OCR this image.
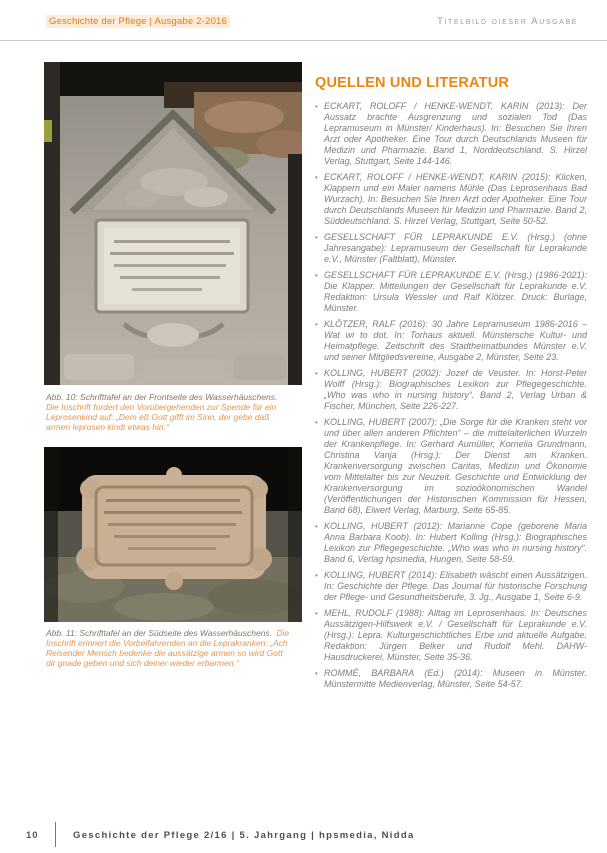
Geschichte der Pflege | Ausgabe 2-2016	Titelbild dieser Ausgabe

Abb. 10: Schrifttafel an der Frontseite des Wasserhäuschens. Die Inschrift fordert den Vorübergehenden zur Spende für ein Leprosenkind auf: „Dem eß Gott gifft im Sinn, der gebe daß armen leprosen kindt etwas hin.“

Abb. 11: Schrifttafel an der Südseite des Wasserhäuschens. Die Inschrift erinnert die Vorbeifahrenden an die Leprakranken: „Ach Reisender Mensch bedenke die aussätzige armen so wird Gott dir gnade geben und sich deiner wieder erbarmen.“

QUELLEN UND LITERATUR

• ECKART, ROLOFF / HENKE-WENDT, KARIN (2013): Der Aussatz brachte Ausgrenzung und sozialen Tod (Das Lepramuseum in Münster/ Kinderhaus). In: Besuchen Sie Ihren Arzt oder Apotheker. Eine Tour durch Deutschlands Museen für Medizin und Pharmazie. Band 1, Norddeutschland. S. Hirzel Verlag, Stuttgart, Seite 144-146.

• ECKART, ROLOFF / HENKE-WENDT, KARIN (2015): Klicken, Klappern und ein Maler namens Mühle (Das Leprosenhaus Bad Wurzach). In: Besuchen Sie Ihren Arzt oder Apotheker. Eine Tour durch Deutschlands Museen für Medizin und Pharmazie. Band 2, Süddeutschland. S. Hirzel Verlag, Stuttgart, Seite 50-52.

• GESELLSCHAFT FÜR LEPRAKUNDE E.V. (Hrsg.) (ohne Jahresangabe): Lepramuseum der Gesellschaft für Leprakunde e.V., Münster (Faltblatt), Münster.

• GESELLSCHAFT FÜR LEPRAKUNDE E.V. (Hrsg.) (1986-2021): Die Klapper. Mitteilungen der Gesellschaft für Leprakunde e.V. Redaktion: Ursula Wessler und Ralf Klötzer. Druck: Burlage, Münster.

• KLÖTZER, RALF (2016): 30 Jahre Lepramuseum 1986-2016 – Wat wi to dot. In: Torhaus aktuell. Münstersche Kultur- und Heimatpflege. Zeitschrift des Stadtheimatbundes Münster e.V. und seiner Mitgliedsvereine, Ausgabe 2, Münster, Seite 23.

• KOLLING, HUBERT (2002): Jozef de Veuster. In: Horst-Peter Wolff (Hrsg.): Biographisches Lexikon zur Pflegegeschichte. „Who was who in nursing history“. Band 2, Verlag Urban & Fischer, München, Seite 226-227.

• KOLLING, HUBERT (2007): „Die Sorge für die Kranken steht vor und über allen anderen Pflichten“ – die mittelalterlichen Wurzeln der Krankenpflege. In: Gerhard Aumüller, Kornelia Grundmann, Christina Vanja (Hrsg.): Der Dienst am Kranken. Krankenversorgung zwischen Caritas, Medizin und Ökonomie vom Mittelalter bis zur Neuzeit. Geschichte und Entwicklung der Krankenversorgung im sozioökonomischen Wandel (Veröffentlichungen der Historischen Kommission für Hessen, Band 68), Elwert Verlag, Marburg, Seite 65-85.

• KOLLING, HUBERT (2012): Marianne Cope (geborene Maria Anna Barbara Koob). In: Hubert Kolling (Hrsg.): Biographisches Lexikon zur Pflegegeschichte. „Who was who in nursing history“. Band 6, Verlag hpsmedia, Hungen, Seite 58-59.

• KOLLING, HUBERT (2014): Elisabeth wäscht einen Aussätzigen. In: Geschichte der Pflege. Das Journal für historische Forschung der Pflege- und Gesundheitsberufe, 3. Jg., Ausgabe 1, Seite 6-9.

• MEHL, RUDOLF (1988): Alltag im Leprosenhaus. In: Deutsches Aussätzigen-Hilfswerk e.V. / Gesellschaft für Leprakunde e.V. (Hrsg.): Lepra. Kulturgeschichtliches Erbe und aktuelle Aufgabe. Redaktion: Jürgen Belker und Rudolf Mehl. DAHW-Hausdruckerei, Münster, Seite 35-36.

• ROMMÉ, BARBARA (Ed.) (2014): Museen in Münster. Münstermitte Medienverlag, Münster, Seite 54-57.

10	Geschichte der Pflege 2/16 | 5. Jahrgang | hpsmedia, Nidda
